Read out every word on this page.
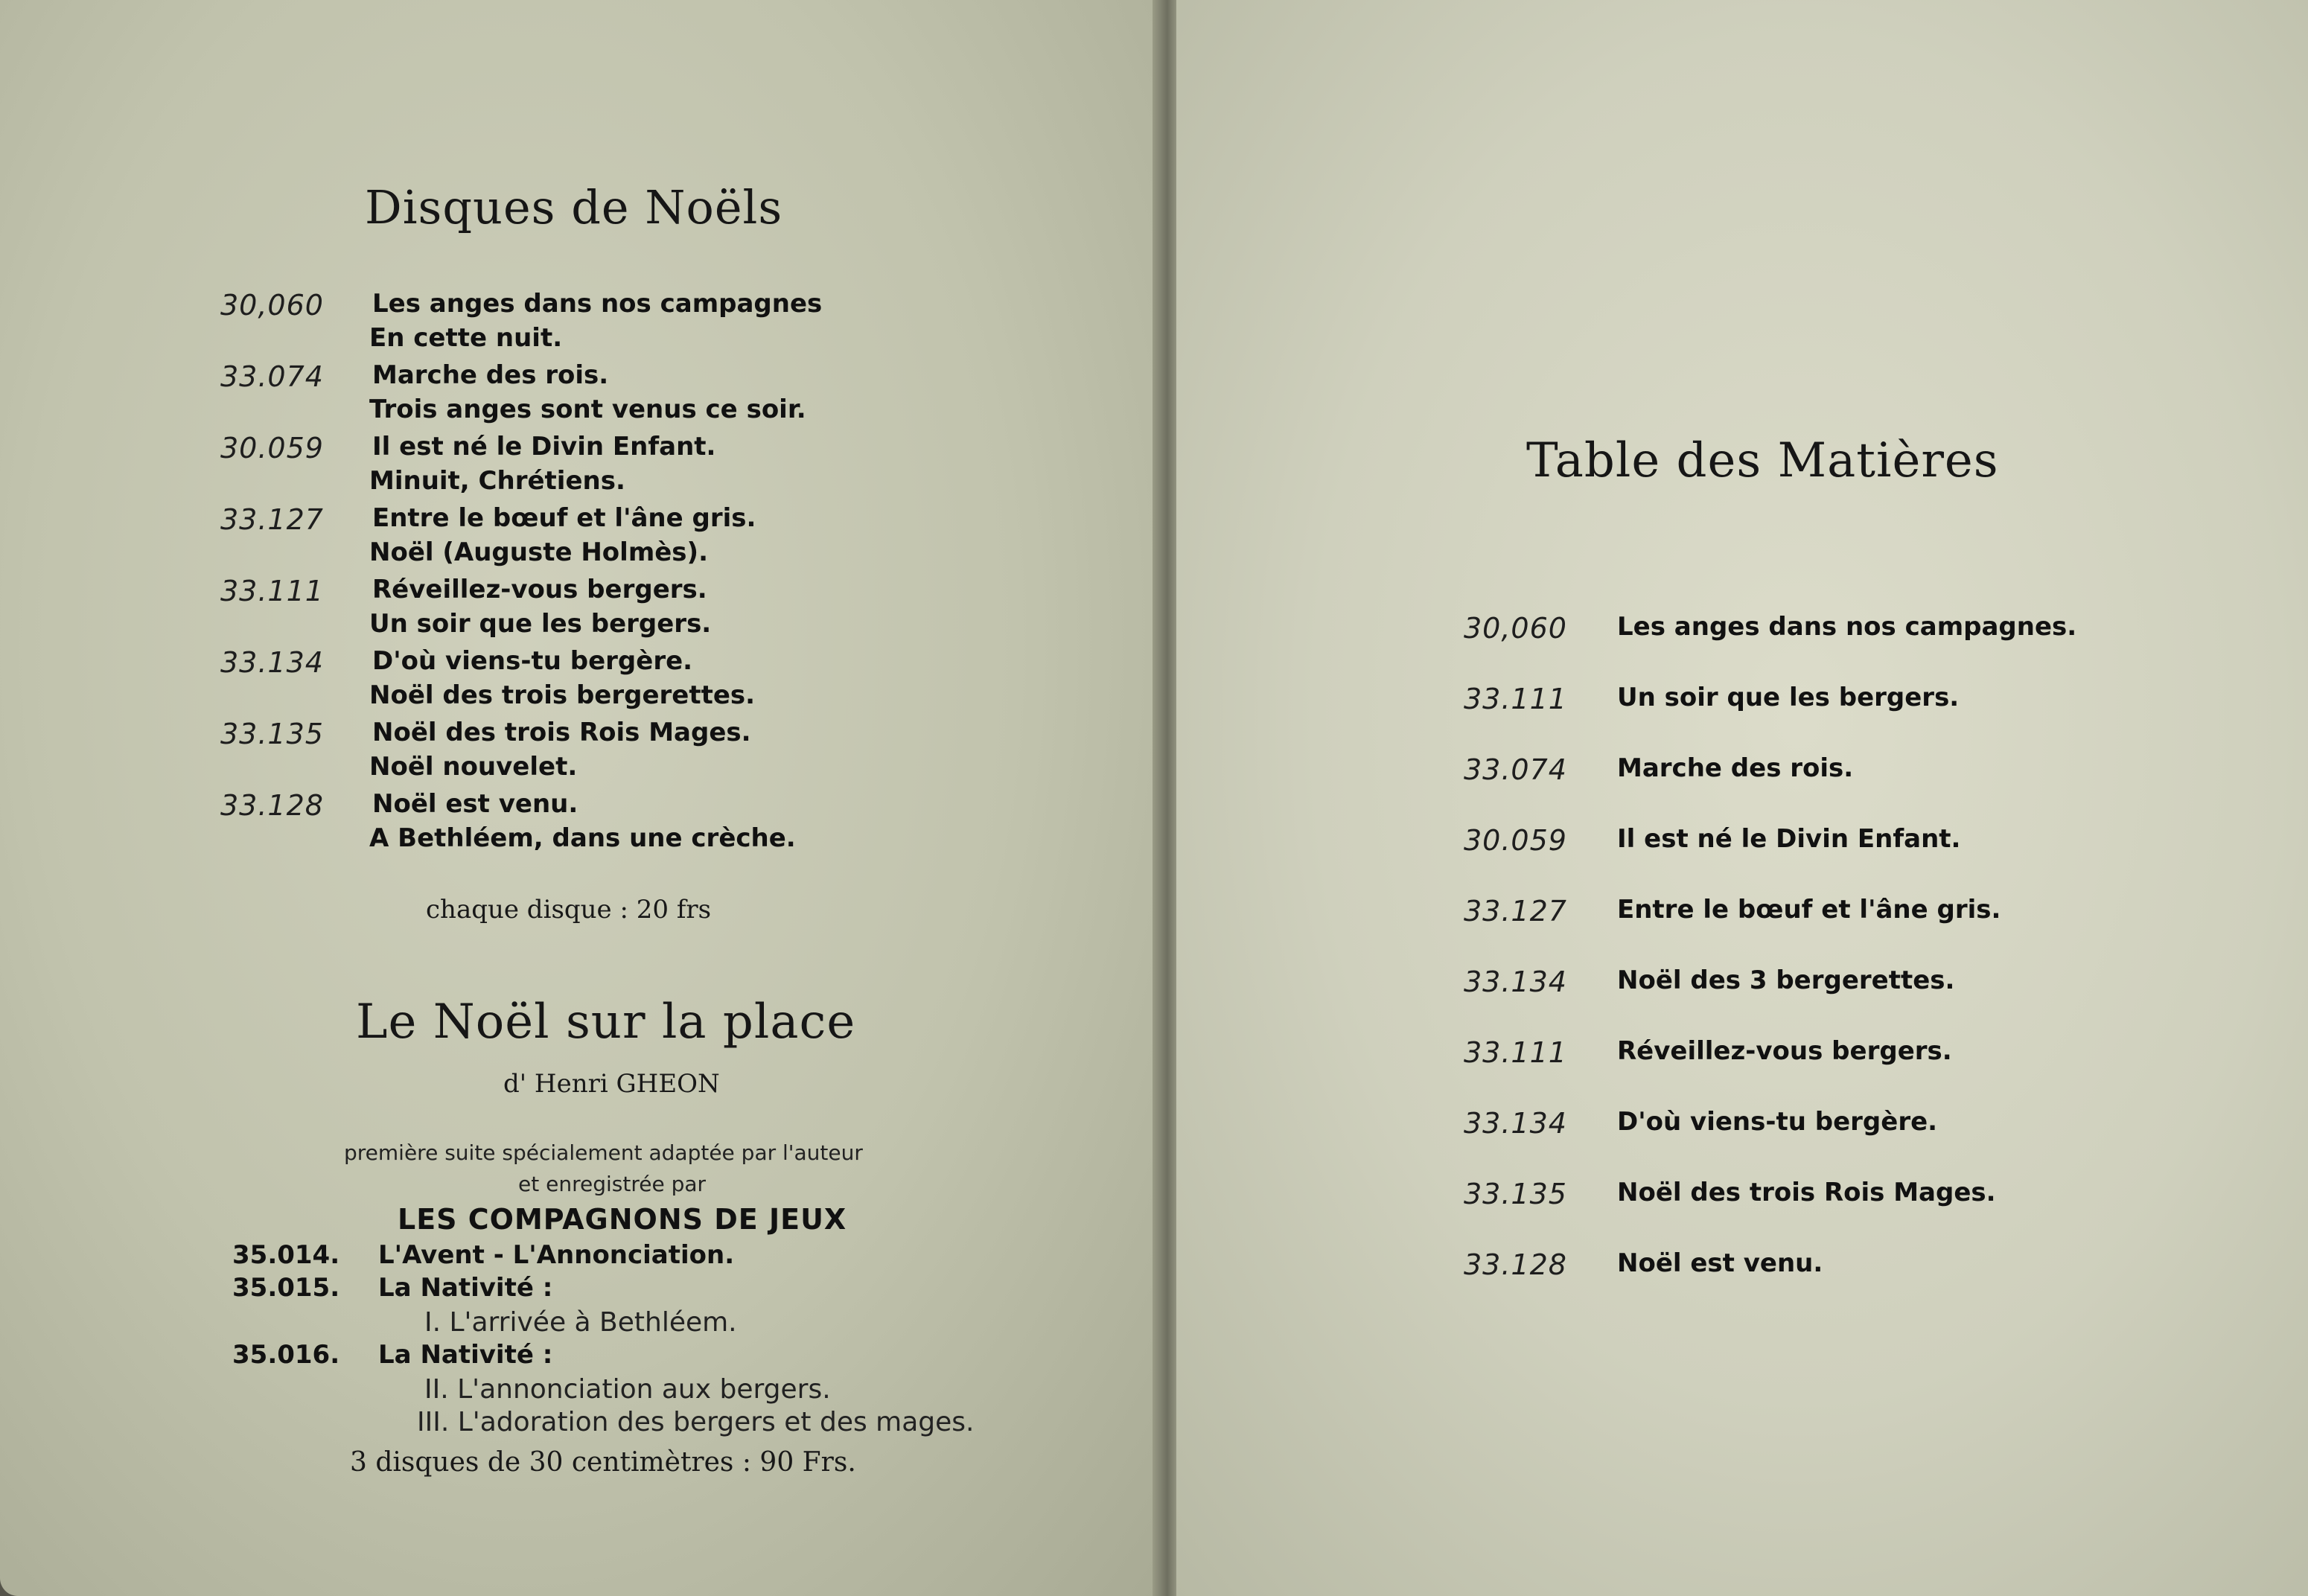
Disques de Noëls
30,060 Les anges dans nos campagnes
En cette nuit.
33.074 Marche des rois.
Trois anges sont venus ce soir.
30.059 Il est né le Divin Enfant.
Minuit, Chrétiens.
33.127 Entre le bœuf et l'âne gris.
Noël (Auguste Holmès).
33.111 Réveillez-vous bergers.
Un soir que les bergers.
33.134 D'où viens-tu bergère.
Noël des trois bergerettes.
33.135 Noël des trois Rois Mages.
Noël nouvelet.
33.128 Noël est venu.
A Bethléem, dans une crèche.
chaque disque : 20 frs
Le Noël sur la place
d' Henri GHEON
première suite spécialement adaptée par l'auteur
et enregistrée par
LES COMPAGNONS DE JEUX
35.014. L'Avent - L'Annonciation.
35.015. La Nativité :
I. L'arrivée à Bethléem.
35.016. La Nativité :
II. L'annonciation aux bergers.
III. L'adoration des bergers et des mages.
3 disques de 30 centimètres : 90 Frs.
Table des Matières
30,060 Les anges dans nos campagnes.
33.111 Un soir que les bergers.
33.074 Marche des rois.
30.059 Il est né le Divin Enfant.
33.127 Entre le bœuf et l'âne gris.
33.134 Noël des 3 bergerettes.
33.111 Réveillez-vous bergers.
33.134 D'où viens-tu bergère.
33.135 Noël des trois Rois Mages.
33.128 Noël est venu.
